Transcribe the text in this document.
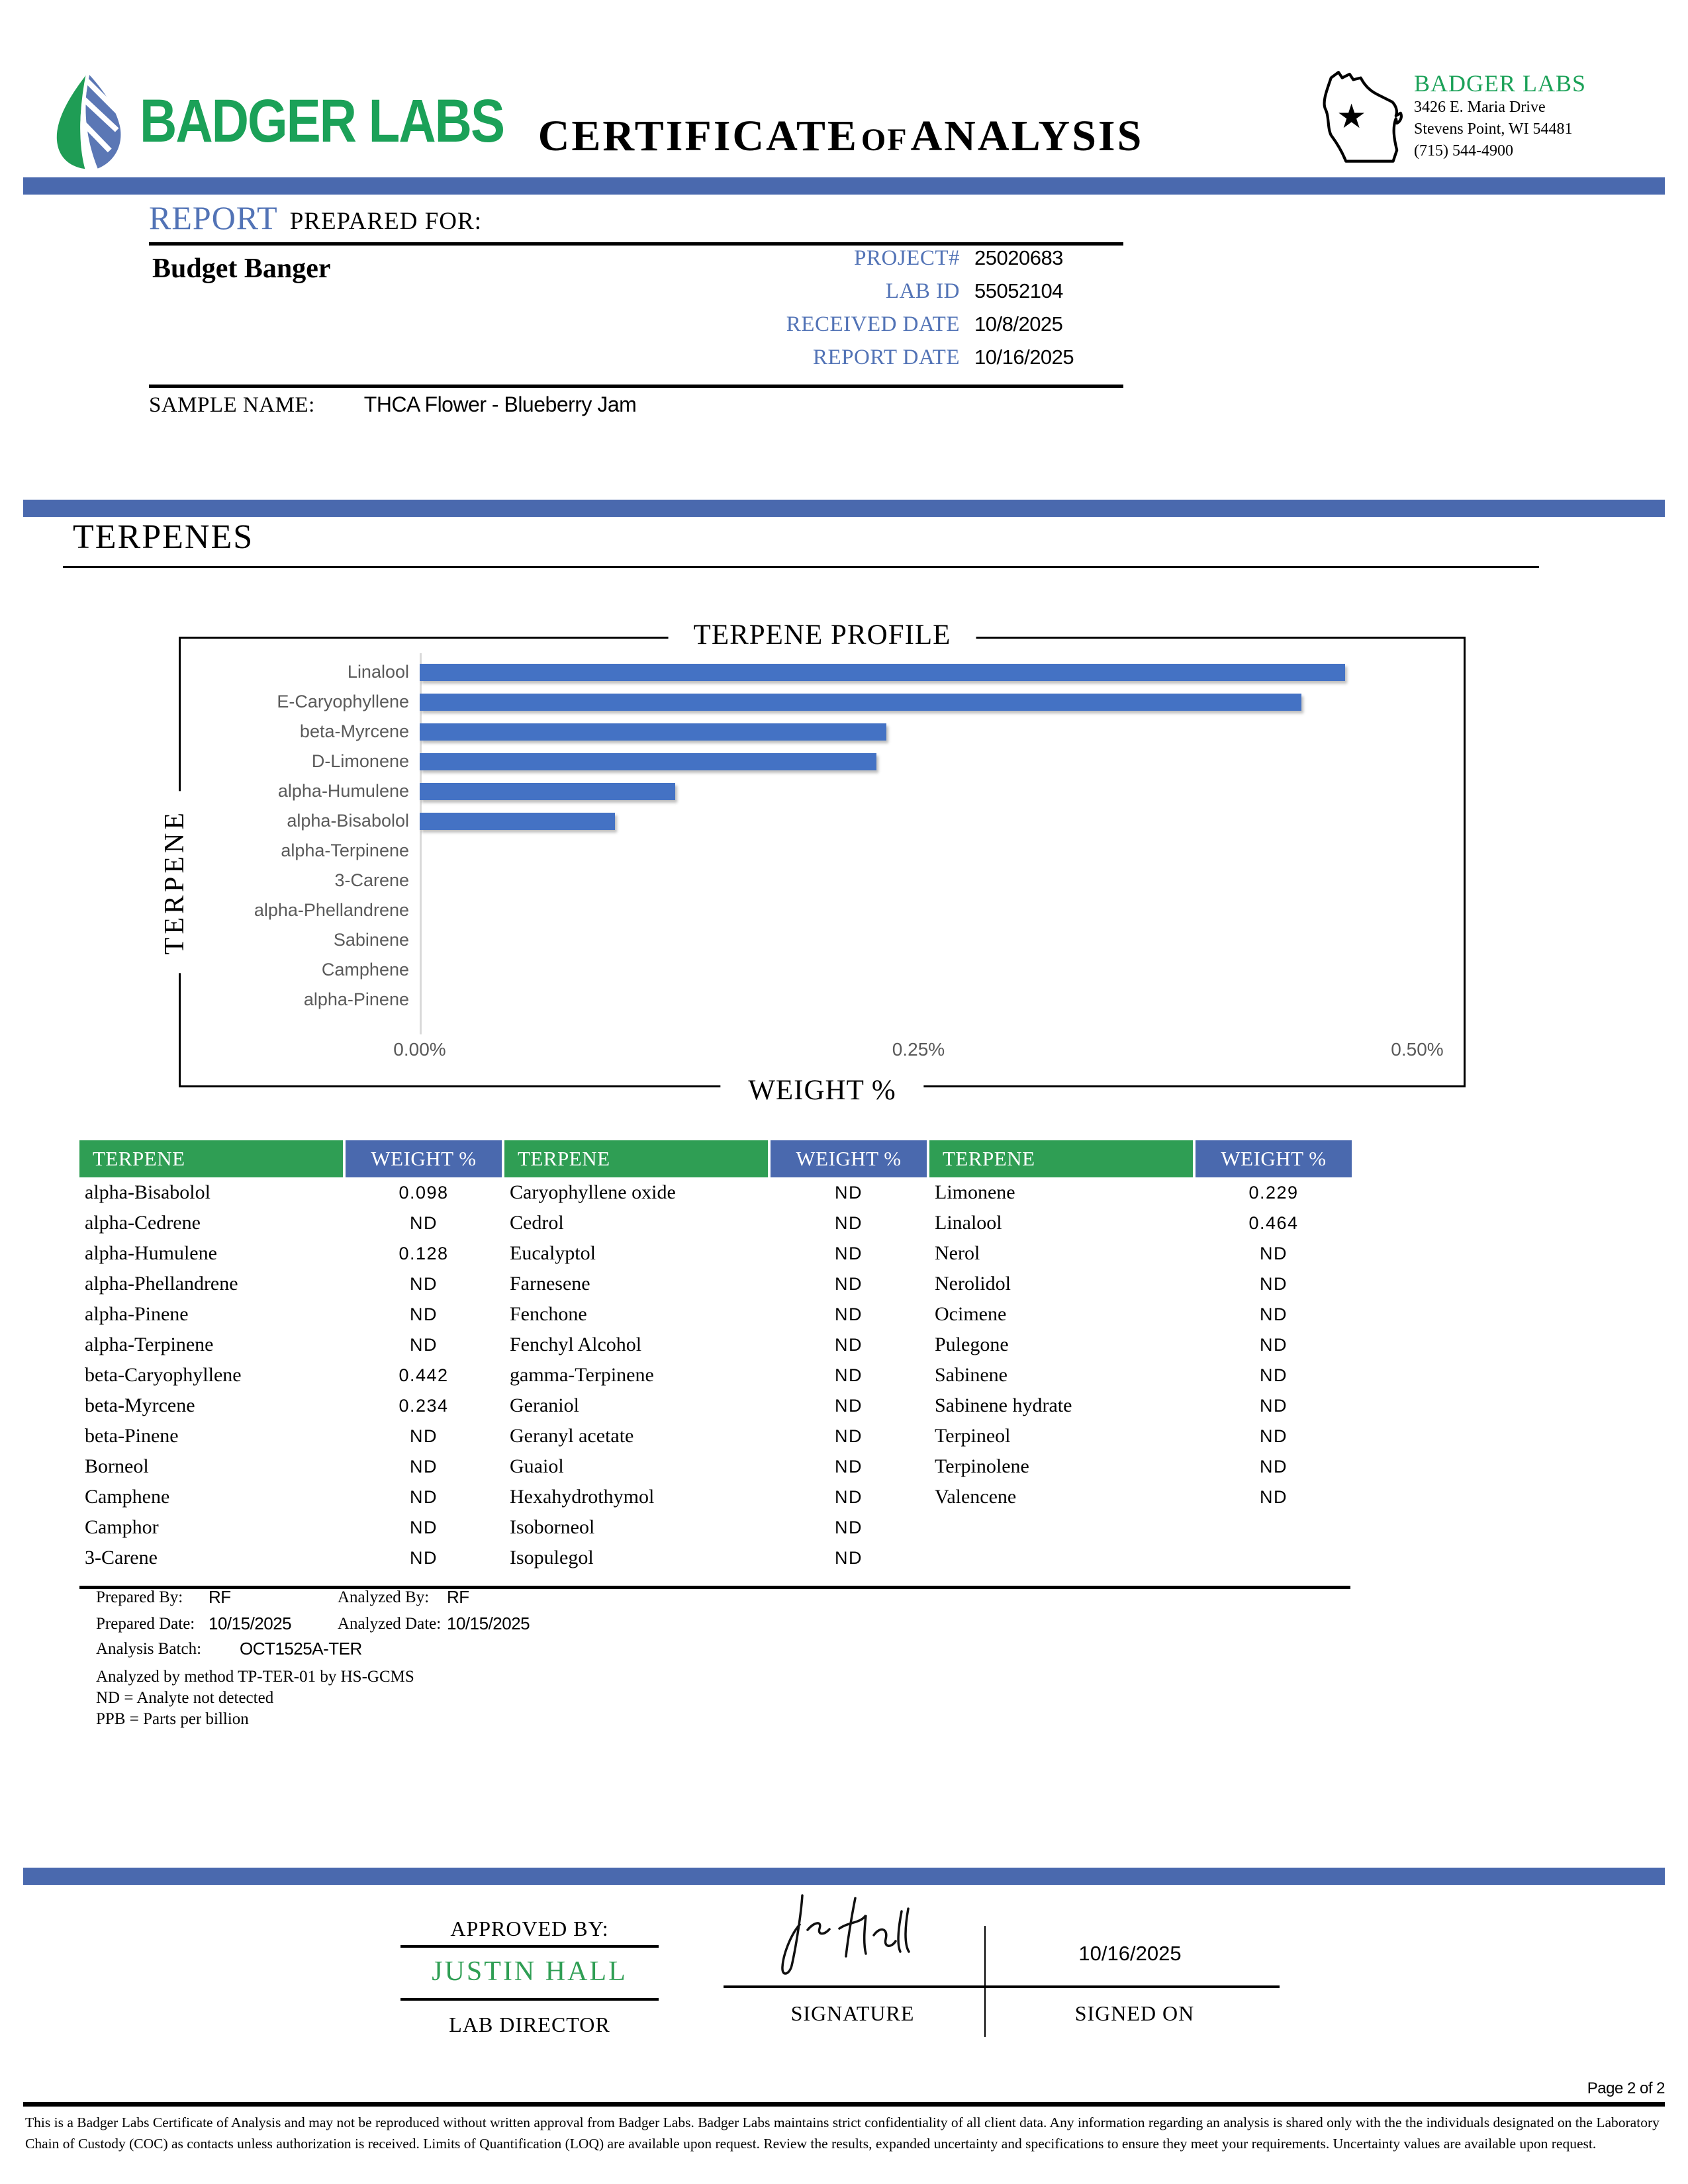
BADGER LABS CERTIFICATE OF ANALYSIS	★
BADGER LABS
3426 E. Maria Drive
Stevens Point, WI 54481
(715) 544-4900
REPORT PREPARED FOR:
Budget Banger	PROJECT# 25020683
LAB ID 55052104
RECEIVED DATE 10/8/2025
REPORT DATE 10/16/2025
SAMPLE NAME: THCA Flower - Blueberry Jam
TERPENES
TERPENE PROFILE
TERPENE
WEIGHT %
Linalool
E-Caryophyllene
beta-Myrcene
D-Limonene
alpha-Humulene
alpha-Bisabolol
alpha-Terpinene
3-Carene
alpha-Phellandrene
Sabinene
Camphene
alpha-Pinene
0.00%	0.25%	0.50%
TERPENE	WEIGHT %
alpha-Bisabolol	0.098
alpha-Cedrene	ND
alpha-Humulene	0.128
alpha-Phellandrene	ND
alpha-Pinene	ND
alpha-Terpinene	ND
beta-Caryophyllene	0.442
beta-Myrcene	0.234
beta-Pinene	ND
Borneol	ND
Camphene	ND
Camphor	ND
3-Carene	ND
TERPENE	WEIGHT %
Caryophyllene oxide	ND
Cedrol	ND
Eucalyptol	ND
Farnesene	ND
Fenchone	ND
Fenchyl Alcohol	ND
gamma-Terpinene	ND
Geraniol	ND
Geranyl acetate	ND
Guaiol	ND
Hexahydrothymol	ND
Isoborneol	ND
Isopulegol	ND
TERPENE	WEIGHT %
Limonene	0.229
Linalool	0.464
Nerol	ND
Nerolidol	ND
Ocimene	ND
Pulegone	ND
Sabinene	ND
Sabinene hydrate	ND
Terpineol	ND
Terpinolene	ND
Valencene	ND
Prepared By: RF	Analyzed By: RF
Prepared Date: 10/15/2025	Analyzed Date: 10/15/2025
Analysis Batch: OCT1525A-TER
Analyzed by method TP-TER-01 by HS-GCMS
ND = Analyte not detected
PPB = Parts per billion
APPROVED BY:
JUSTIN HALL
LAB DIRECTOR
10/16/2025
SIGNATURE	SIGNED ON
Page 2 of 2
This is a Badger Labs Certificate of Analysis and may not be reproduced without written approval from Badger Labs. Badger Labs maintains strict confidentiality of all client data. Any information regarding an analysis is shared only with the the individuals designated on the Laboratory Chain of Custody (COC) as contacts unless authorization is received. Limits of Quantification (LOQ) are available upon request. Review the results, expanded uncertainty and specifications to ensure they meet your requirements. Uncertainty values are available upon request.
